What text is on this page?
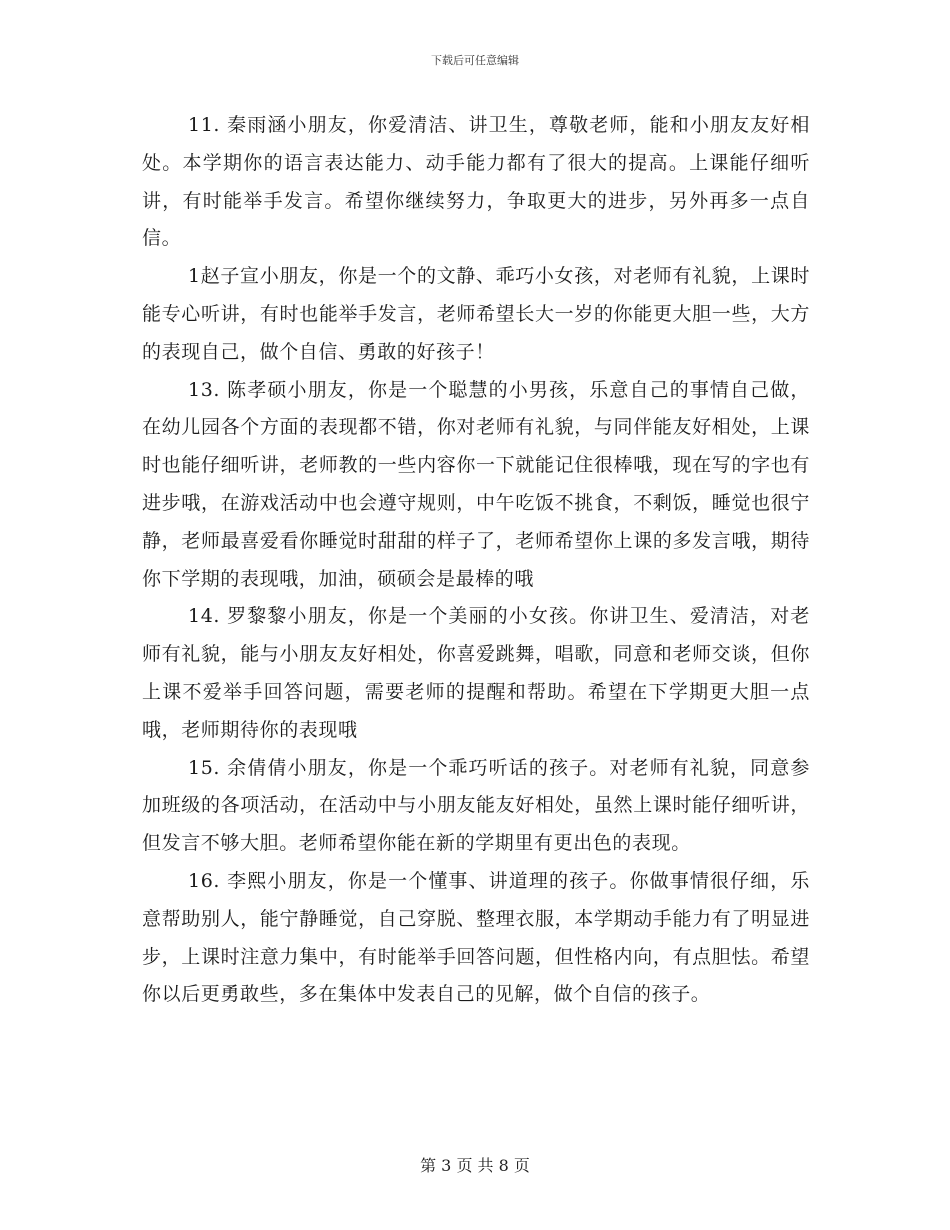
下载后可任意编辑

11. 秦雨涵小朋友，你爱清洁、讲卫生，尊敬老师，能和小朋友友好相处。本学期你的语言表达能力、动手能力都有了很大的提高。上课能仔细听讲，有时能举手发言。希望你继续努力，争取更大的进步，另外再多一点自信。

1赵子宣小朋友，你是一个的文静、乖巧小女孩，对老师有礼貌，上课时能专心听讲，有时也能举手发言，老师希望长大一岁的你能更大胆一些，大方的表现自己，做个自信、勇敢的好孩子！

13. 陈孝硕小朋友，你是一个聪慧的小男孩，乐意自己的事情自己做，在幼儿园各个方面的表现都不错，你对老师有礼貌，与同伴能友好相处，上课时也能仔细听讲，老师教的一些内容你一下就能记住很棒哦，现在写的字也有进步哦，在游戏活动中也会遵守规则，中午吃饭不挑食，不剩饭，睡觉也很宁静，老师最喜爱看你睡觉时甜甜的样子了，老师希望你上课的多发言哦，期待你下学期的表现哦，加油，硕硕会是最棒的哦

14. 罗黎黎小朋友，你是一个美丽的小女孩。你讲卫生、爱清洁，对老师有礼貌，能与小朋友友好相处，你喜爱跳舞，唱歌，同意和老师交谈，但你上课不爱举手回答问题，需要老师的提醒和帮助。希望在下学期更大胆一点哦，老师期待你的表现哦

15. 余倩倩小朋友，你是一个乖巧听话的孩子。对老师有礼貌，同意参加班级的各项活动，在活动中与小朋友能友好相处，虽然上课时能仔细听讲，但发言不够大胆。老师希望你能在新的学期里有更出色的表现。

16. 李熙小朋友，你是一个懂事、讲道理的孩子。你做事情很仔细，乐意帮助别人，能宁静睡觉，自己穿脱、整理衣服，本学期动手能力有了明显进步，上课时注意力集中，有时能举手回答问题，但性格内向，有点胆怯。希望你以后更勇敢些，多在集体中发表自己的见解，做个自信的孩子。

第 3 页 共 8 页
